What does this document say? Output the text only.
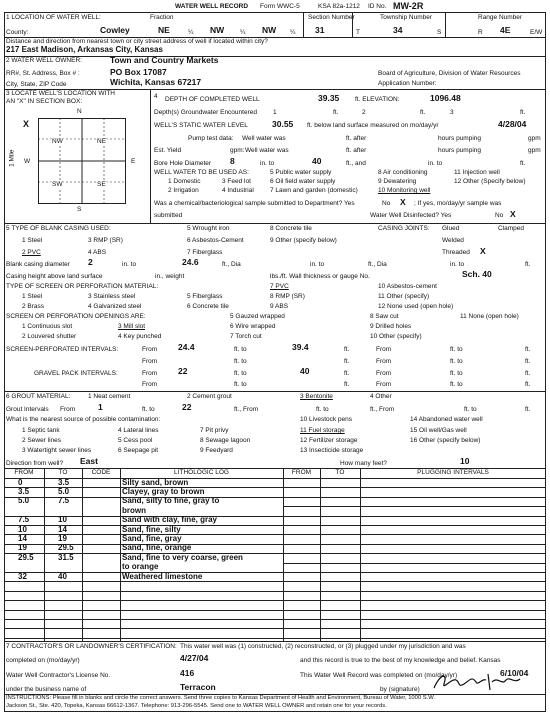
WATER WELL RECORD Form WWC-5	KSA 82a-1212 ID No. MW-2R
1 LOCATION OF WATER WELL:
County:	Cowley
Fraction
NE	¼ NW ¼ NW ¼
Section Number
31
Township Number
T	34	S
Range Number
R 4E	E/W
Distance and direction from nearest town or city street address of well if located within city?
217 East Madison, Arkansas City, Kansas
2 WATER WELL OWNER:	Town and Country Markets
RR#, St. Address, Box # :	PO Box 17087
City, State, ZIP Code	Wichita, Kansas 67217
Board of Agriculture, Division of Water Resources
Application Number:
3 LOCATE WELL'S LOCATION WITH
AN "X" IN SECTION BOX:
N
S
W	E
X
1 Mile
NW	NE
SW	SE
4 DEPTH OF COMPLETED WELL	39.35 ft. ELEVATION:	1096.48
Depth(s) Groundwater Encountered 1	ft.	2	ft.	3	ft.
WELL'S STATIC WATER LEVEL	30.55 ft. below land surface measured on mo/day/yr	4/28/04
Pump test data: Well water was	ft. after	hours pumping	gpm
Est. Yield	gpm: Well water was	ft. after	hours pumping	gpm
Bore Hole Diameter 8	in. to	40	ft., and	in. to	ft.
WELL WATER TO BE USED AS:	5 Public water supply	8 Air conditioning	11 Injection well
1 Domestic	3 Feed lot	6 Oil field water supply	9 Dewatering	12 Other (Specify below)
2 Irrigation	4 Industrial 7 Lawn and garden (domestic)	10 Monitoring well
Was a chemical/bacteriological sample submitted to Department? Yes	No X ; If yes, mo/day/yr sample was
submitted	Water Well Disinfected? Yes	No X
5 TYPE OF BLANK CASING USED:	5 Wrought iron	8 Concrete tile	CASING JOINTS: Glued	Clamped
1 Steel	3 RMP (SR)	6 Asbestos-Cement	9 Other (specify below)	Welded
2 PVC	4 ABS	7 Fiberglass	Threaded X
Blank casing diameter 2	in. to	24.6	ft., Dia	in. to	ft., Dia	in. to	ft.
Casing height above land surface	in., weight	lbs./ft. Wall thickness or gauge No.	Sch. 40
TYPE OF SCREEN OR PERFORATION MATERIAL:	7 PVC	10 Asbestos-cement
1 Steel	3 Stainless steel	5 Fiberglass	8 RMP (SR)	11 Other (specify)
2 Brass	4 Galvanized steel	6 Concrete tile	9 ABS	12 None used (open hole)
SCREEN OR PERFORATION OPENINGS ARE:	5 Gauzed wrapped	8 Saw cut	11 None (open hole)
1 Continuous slot	3 Mill slot	6 Wire wrapped	9 Drilled holes
2 Louvered shutter	4 Key punched	7 Torch cut	10 Other (specify)
SCREEN-PERFORATED INTERVALS:	From 24.4	ft. to	39.4	ft.	From	ft. to	ft.
From	ft. to	ft.	From	ft. to	ft.
GRAVEL PACK INTERVALS:	From 22	ft. to	40	ft.	From	ft. to	ft.
From	ft. to	ft.	From	ft. to	ft.
6 GROUT MATERIAL:	1 Neat cement	2 Cement grout	3 Bentonite	4 Other
Grout Intervals From	1	ft. to	22	ft., From	ft. to	ft., From	ft. to	ft.
What is the nearest source of possible contamination:
1 Septic tank	4 Lateral lines	7 Pit privy
10 Livestock pens	14 Abandoned water well
2 Sewer lines	5 Cess pool	8 Sewage lagoon
11 Fuel storage	15 Oil well/Gas well
3 Watertight sewer lines	6 Seepage pit	9 Feedyard
12 Fertilizer storage	16 Other (specify below)
13 Insecticide storage
Direction from well? East	How many feet?	10
7 CONTRACTOR'S OR LANDOWNER'S CERTIFICATION: This water well was (1) constructed, (2) reconstructed, or (3) plugged under my jurisdiction and was
completed on (mo/day/yr)	4/27/04	and this record is true to the best of my knowledge and belief. Kansas
Water Well Contractor's License No.	416	This Water Well Record was completed on (mo/day/yr)	6/10/04
under the business name of	Terracon	by (signature)
INSTRUCTIONS: Please fill in blanks and circle the correct answers. Send three copies to Kansas Department of Health and Environment, Bureau of Water, 1000 S.W.
Jackson St., Ste. 420, Topeka, Kansas 66612-1367. Telephone: 913-296-5545. Send one to WATER WELL OWNER and retain one for your records.
FROM	TO	CODE	LITHOLOGIC LOG	FROM	TO	PLUGGING INTERVALS
0	3.5	Silty sand, brown
3.5	5.0	Clayey, gray to brown
5.0	7.5	Sand, silty to fine, gray to
brown
7.5	10	Sand with clay, fine, gray
10	14	Sand, fine, silty
14	19	Sand, fine, gray
19	29.5	Sand, fine, orange
29.5	31.5	Sand, fine to very coarse, green
to orange
32	40	Weathered limestone
